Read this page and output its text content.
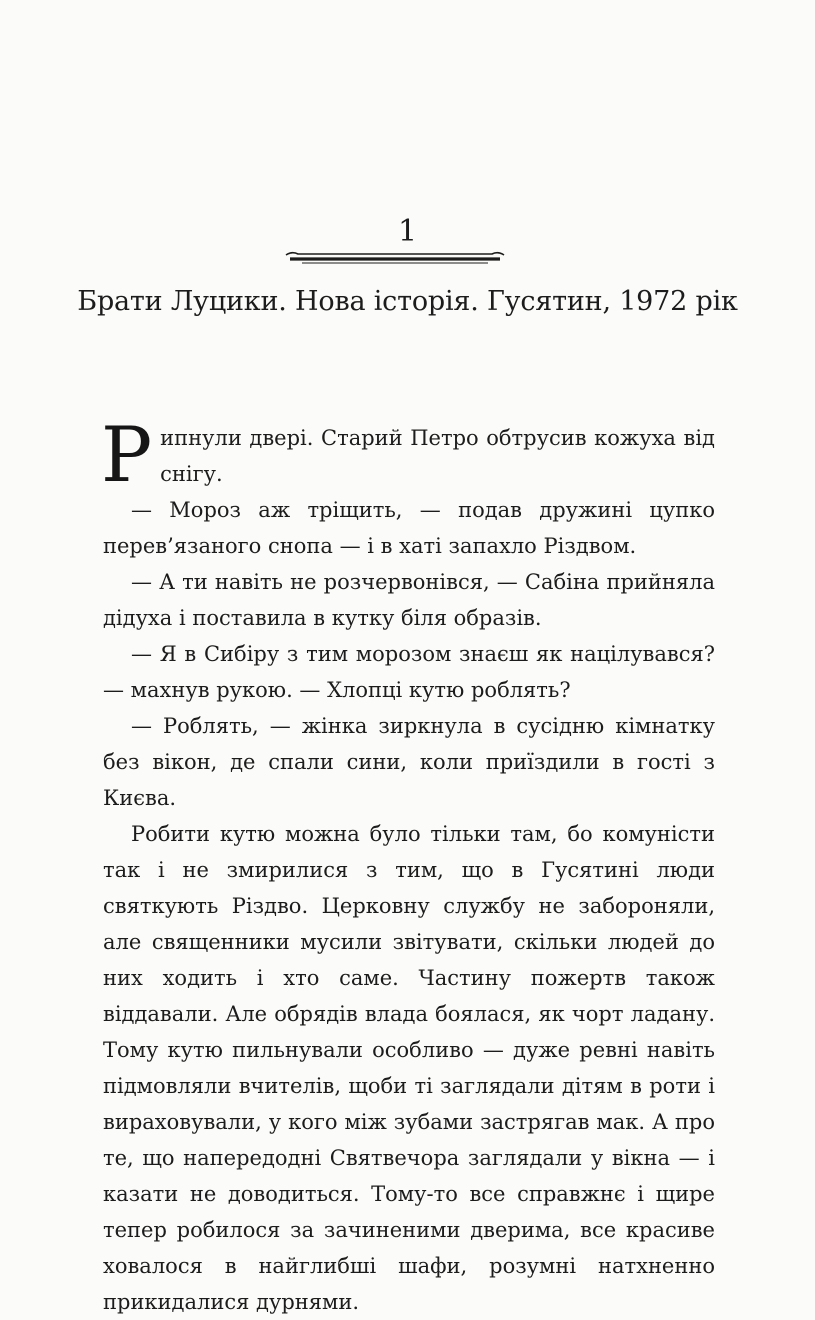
1
Брати Луцики. Нова історія. Гусятин, 1972 рік

Рипнули двері. Старий Петро обтрусив кожуха від снігу.

— Мороз аж тріщить, — подав дружині цупко перев’язаного снопа — і в хаті запахло Різдвом.

— А ти навіть не розчервонівся, — Сабіна прийняла дідуха і поставила в кутку біля образів.

— Я в Сибіру з тим морозом знаєш як націлувався? — махнув рукою. — Хлопці кутю роблять?

— Роблять, — жінка зиркнула в сусідню кімнатку без вікон, де спали сини, коли приїздили в гості з Києва.

Робити кутю можна було тільки там, бо комуністи так і не змирилися з тим, що в Гусятині люди святкують Різдво. Церковну службу не забороняли, але священники мусили звітувати, скільки людей до них ходить і хто саме. Частину пожертв також віддавали. Але обрядів влада боялася, як чорт ладану. Тому кутю пильнували особливо — дуже ревні навіть підмовляли вчителів, щоби ті заглядали дітям в роти і вираховували, у кого між зубами застрягав мак. А про те, що напередодні Святвечора заглядали у вікна — і казати не доводиться. Тому-то все справжнє і щире тепер робилося за зачиненими дверима, все красиве ховалося в найглибші шафи, розумні натхненно прикидалися дурнями.
